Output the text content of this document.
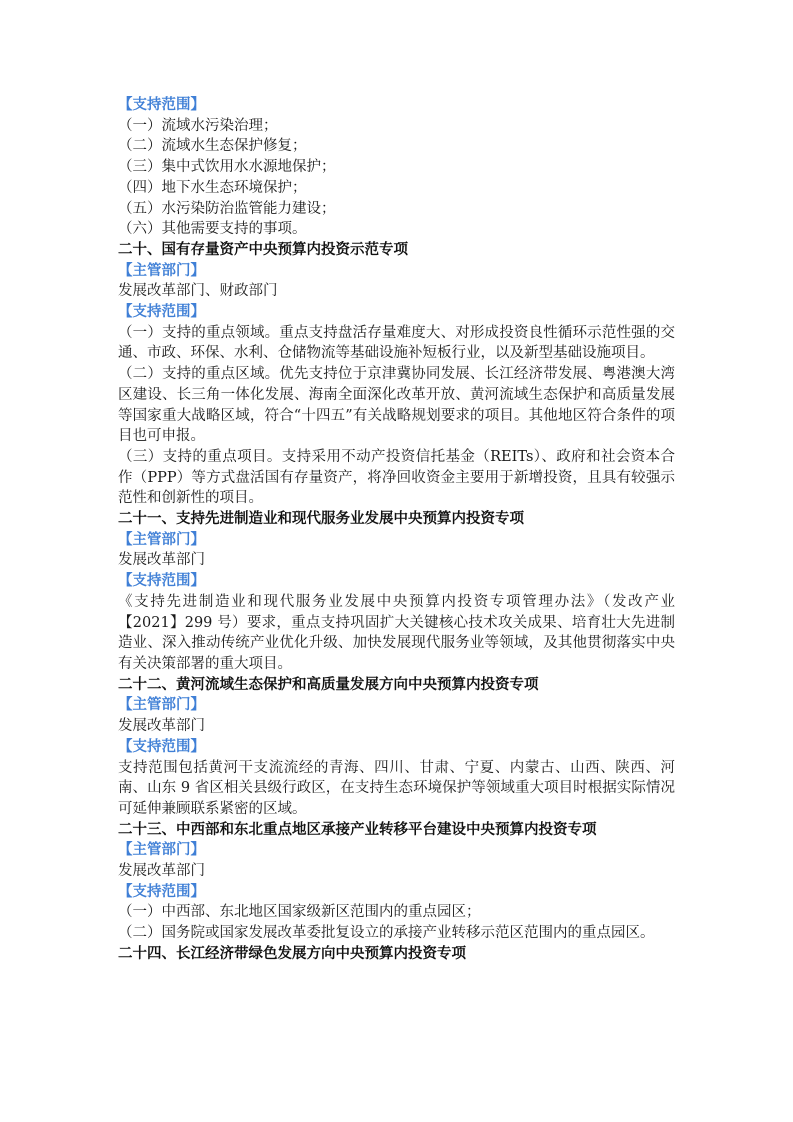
【支持范围】

（一）流域水污染治理；

（二）流域水生态保护修复；

（三）集中式饮用水水源地保护；

（四）地下水生态环境保护；

（五）水污染防治监管能力建设；

（六）其他需要支持的事项。

二十、国有存量资产中央预算内投资示范专项

【主管部门】

发展改革部门、财政部门

【支持范围】

（一）支持的重点领域。重点支持盘活存量难度大、对形成投资良性循环示范性强的交通、市政、环保、水利、仓储物流等基础设施补短板行业，以及新型基础设施项目。

（二）支持的重点区域。优先支持位于京津冀协同发展、长江经济带发展、粤港澳大湾区建设、长三角一体化发展、海南全面深化改革开放、黄河流域生态保护和高质量发展等国家重大战略区域，符合“十四五”有关战略规划要求的项目。其他地区符合条件的项目也可申报。

（三）支持的重点项目。支持采用不动产投资信托基金（REITs）、政府和社会资本合作（PPP）等方式盘活国有存量资产，将净回收资金主要用于新增投资，且具有较强示范性和创新性的项目。

二十一、支持先进制造业和现代服务业发展中央预算内投资专项

【主管部门】

发展改革部门

【支持范围】

《支持先进制造业和现代服务业发展中央预算内投资专项管理办法》（发改产业【2021】299 号）要求，重点支持巩固扩大关键核心技术攻关成果、培育壮大先进制造业、深入推动传统产业优化升级、加快发展现代服务业等领域，及其他贯彻落实中央有关决策部署的重大项目。

二十二、黄河流域生态保护和高质量发展方向中央预算内投资专项

【主管部门】

发展改革部门

【支持范围】

支持范围包括黄河干支流流经的青海、四川、甘肃、宁夏、内蒙古、山西、陕西、河南、山东 9 省区相关县级行政区，在支持生态环境保护等领域重大项目时根据实际情况可延伸兼顾联系紧密的区域。

二十三、中西部和东北重点地区承接产业转移平台建设中央预算内投资专项

【主管部门】

发展改革部门

【支持范围】

（一）中西部、东北地区国家级新区范围内的重点园区；

（二）国务院或国家发展改革委批复设立的承接产业转移示范区范围内的重点园区。

二十四、长江经济带绿色发展方向中央预算内投资专项
